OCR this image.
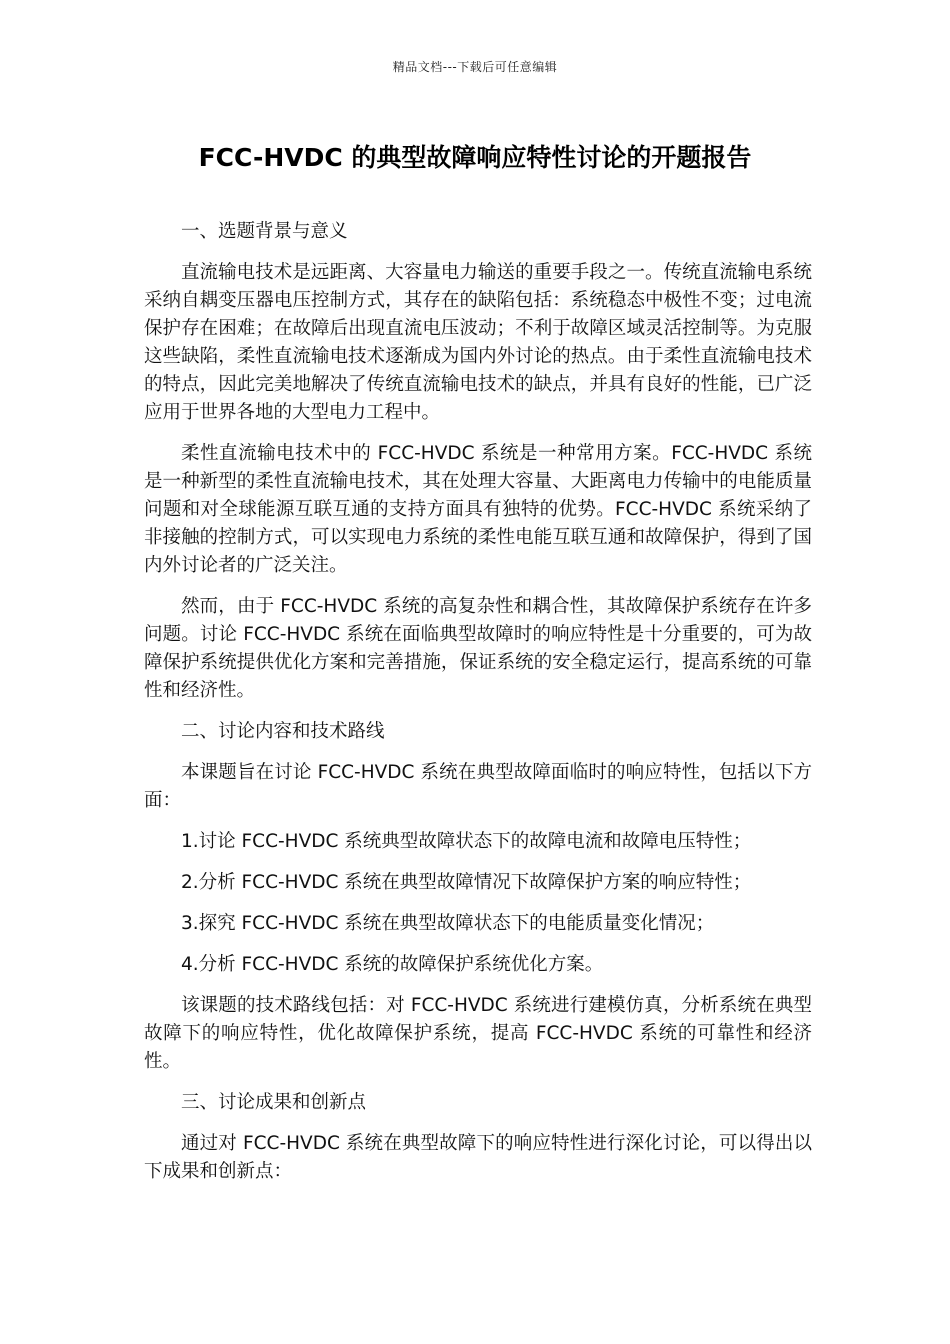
精品文档---下载后可任意编辑
FCC-HVDC 的典型故障响应特性讨论的开题报告

一、选题背景与意义

直流输电技术是远距离、大容量电力输送的重要手段之一。传统直流输电系统采纳自耦变压器电压控制方式，其存在的缺陷包括：系统稳态中极性不变；过电流保护存在困难；在故障后出现直流电压波动；不利于故障区域灵活控制等。为克服这些缺陷，柔性直流输电技术逐渐成为国内外讨论的热点。由于柔性直流输电技术的特点，因此完美地解决了传统直流输电技术的缺点，并具有良好的性能，已广泛应用于世界各地的大型电力工程中。

柔性直流输电技术中的 FCC-HVDC 系统是一种常用方案。FCC-HVDC 系统是一种新型的柔性直流输电技术，其在处理大容量、大距离电力传输中的电能质量问题和对全球能源互联互通的支持方面具有独特的优势。FCC-HVDC 系统采纳了非接触的控制方式，可以实现电力系统的柔性电能互联互通和故障保护，得到了国内外讨论者的广泛关注。

然而，由于 FCC-HVDC 系统的高复杂性和耦合性，其故障保护系统存在许多问题。讨论 FCC-HVDC 系统在面临典型故障时的响应特性是十分重要的，可为故障保护系统提供优化方案和完善措施，保证系统的安全稳定运行，提高系统的可靠性和经济性。

二、讨论内容和技术路线

本课题旨在讨论 FCC-HVDC 系统在典型故障面临时的响应特性，包括以下方面：

1.讨论 FCC-HVDC 系统典型故障状态下的故障电流和故障电压特性；

2.分析 FCC-HVDC 系统在典型故障情况下故障保护方案的响应特性；

3.探究 FCC-HVDC 系统在典型故障状态下的电能质量变化情况；

4.分析 FCC-HVDC 系统的故障保护系统优化方案。

该课题的技术路线包括：对 FCC-HVDC 系统进行建模仿真，分析系统在典型故障下的响应特性，优化故障保护系统，提高 FCC-HVDC 系统的可靠性和经济性。

三、讨论成果和创新点

通过对 FCC-HVDC 系统在典型故障下的响应特性进行深化讨论，可以得出以下成果和创新点：
